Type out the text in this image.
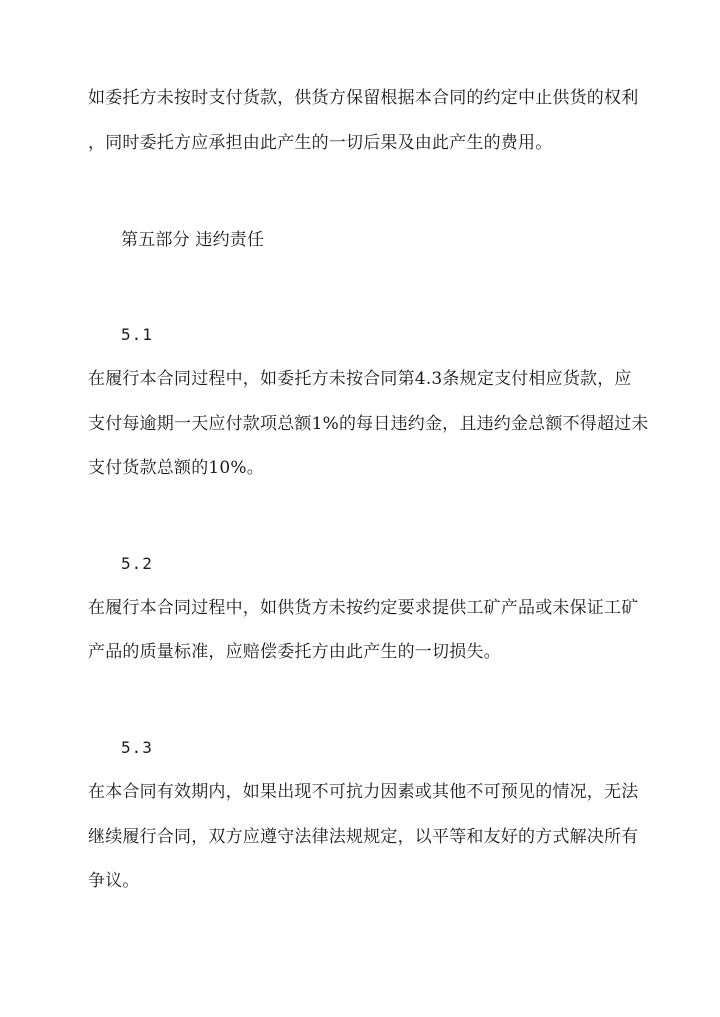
如委托方未按时支付货款，供货方保留根据本合同的约定中止供货的权利
，同时委托方应承担由此产生的一切后果及由此产生的费用。
第五部分 违约责任
5.1
在履行本合同过程中，如委托方未按合同第4.3条规定支付相应货款，应
支付每逾期一天应付款项总额1%的每日违约金，且违约金总额不得超过未
支付货款总额的10%。
5.2
在履行本合同过程中，如供货方未按约定要求提供工矿产品或未保证工矿
产品的质量标准，应赔偿委托方由此产生的一切损失。
5.3
在本合同有效期内，如果出现不可抗力因素或其他不可预见的情况，无法
继续履行合同，双方应遵守法律法规规定，以平等和友好的方式解决所有
争议。
